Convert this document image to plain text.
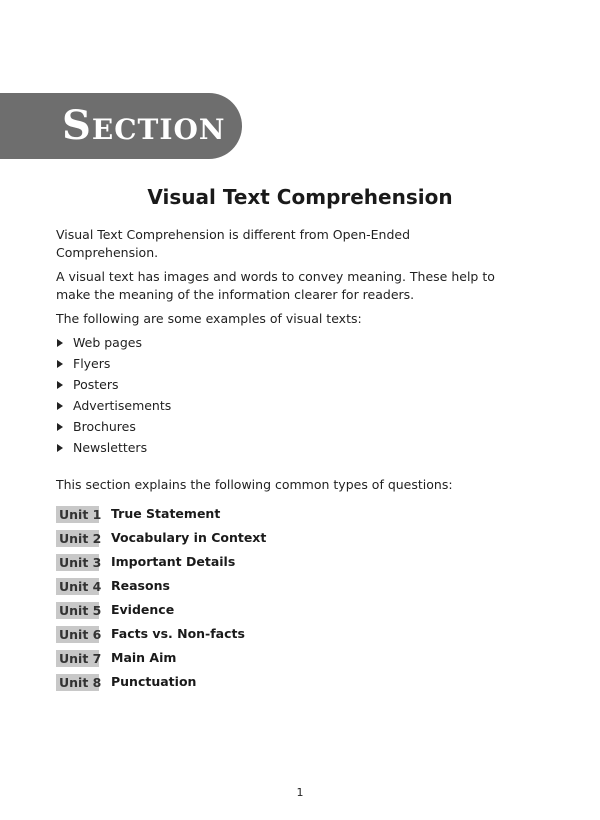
Section 1
Visual Text Comprehension

Visual Text Comprehension is different from Open-Ended Comprehension.

A visual text has images and words to convey meaning. These help to make the meaning of the information clearer for readers.

The following are some examples of visual texts:

Web pages
Flyers
Posters
Advertisements
Brochures
Newsletters

This section explains the following common types of questions:

Unit 1 True Statement
Unit 2 Vocabulary in Context
Unit 3 Important Details
Unit 4 Reasons
Unit 5 Evidence
Unit 6 Facts vs. Non-facts
Unit 7 Main Aim
Unit 8 Punctuation
1
